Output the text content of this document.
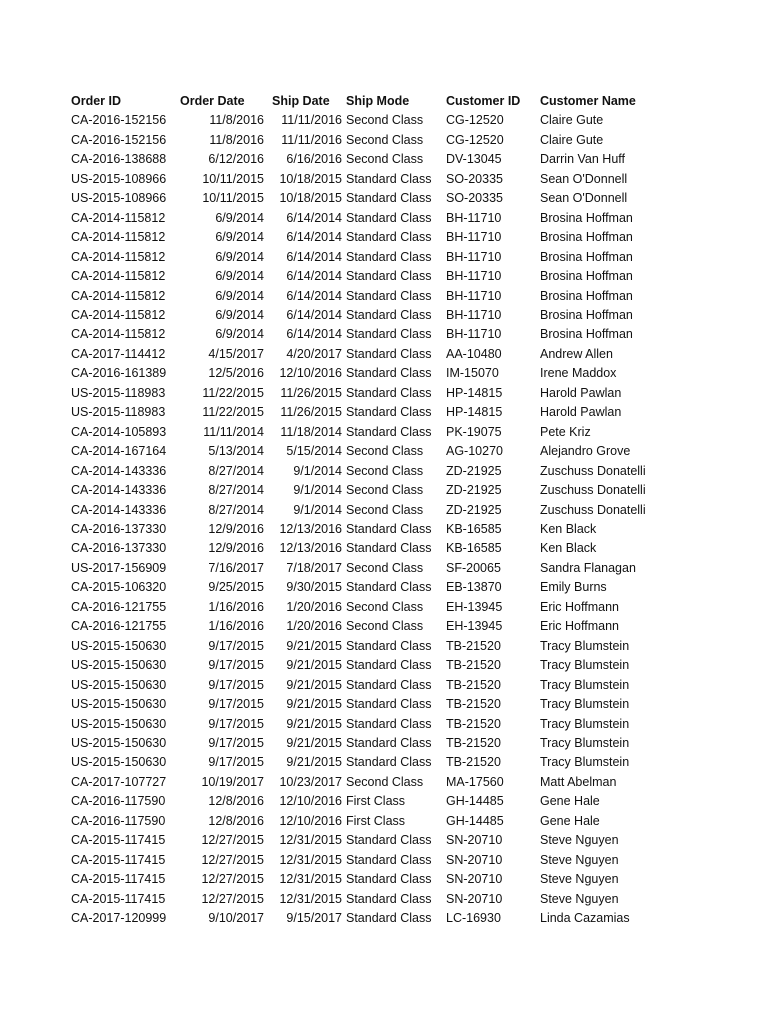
Order ID	Order Date	Ship Date	Ship Mode	Customer ID	Customer Name
CA-2016-152156	11/8/2016	11/11/2016	Second Class	CG-12520	Claire Gute
CA-2016-152156	11/8/2016	11/11/2016	Second Class	CG-12520	Claire Gute
CA-2016-138688	6/12/2016	6/16/2016	Second Class	DV-13045	Darrin Van Huff
US-2015-108966	10/11/2015	10/18/2015	Standard Class	SO-20335	Sean O'Donnell
US-2015-108966	10/11/2015	10/18/2015	Standard Class	SO-20335	Sean O'Donnell
CA-2014-115812	6/9/2014	6/14/2014	Standard Class	BH-11710	Brosina Hoffman
CA-2014-115812	6/9/2014	6/14/2014	Standard Class	BH-11710	Brosina Hoffman
CA-2014-115812	6/9/2014	6/14/2014	Standard Class	BH-11710	Brosina Hoffman
CA-2014-115812	6/9/2014	6/14/2014	Standard Class	BH-11710	Brosina Hoffman
CA-2014-115812	6/9/2014	6/14/2014	Standard Class	BH-11710	Brosina Hoffman
CA-2014-115812	6/9/2014	6/14/2014	Standard Class	BH-11710	Brosina Hoffman
CA-2014-115812	6/9/2014	6/14/2014	Standard Class	BH-11710	Brosina Hoffman
CA-2017-114412	4/15/2017	4/20/2017	Standard Class	AA-10480	Andrew Allen
CA-2016-161389	12/5/2016	12/10/2016	Standard Class	IM-15070	Irene Maddox
US-2015-118983	11/22/2015	11/26/2015	Standard Class	HP-14815	Harold Pawlan
US-2015-118983	11/22/2015	11/26/2015	Standard Class	HP-14815	Harold Pawlan
CA-2014-105893	11/11/2014	11/18/2014	Standard Class	PK-19075	Pete Kriz
CA-2014-167164	5/13/2014	5/15/2014	Second Class	AG-10270	Alejandro Grove
CA-2014-143336	8/27/2014	9/1/2014	Second Class	ZD-21925	Zuschuss Donatelli
CA-2014-143336	8/27/2014	9/1/2014	Second Class	ZD-21925	Zuschuss Donatelli
CA-2014-143336	8/27/2014	9/1/2014	Second Class	ZD-21925	Zuschuss Donatelli
CA-2016-137330	12/9/2016	12/13/2016	Standard Class	KB-16585	Ken Black
CA-2016-137330	12/9/2016	12/13/2016	Standard Class	KB-16585	Ken Black
US-2017-156909	7/16/2017	7/18/2017	Second Class	SF-20065	Sandra Flanagan
CA-2015-106320	9/25/2015	9/30/2015	Standard Class	EB-13870	Emily Burns
CA-2016-121755	1/16/2016	1/20/2016	Second Class	EH-13945	Eric Hoffmann
CA-2016-121755	1/16/2016	1/20/2016	Second Class	EH-13945	Eric Hoffmann
US-2015-150630	9/17/2015	9/21/2015	Standard Class	TB-21520	Tracy Blumstein
US-2015-150630	9/17/2015	9/21/2015	Standard Class	TB-21520	Tracy Blumstein
US-2015-150630	9/17/2015	9/21/2015	Standard Class	TB-21520	Tracy Blumstein
US-2015-150630	9/17/2015	9/21/2015	Standard Class	TB-21520	Tracy Blumstein
US-2015-150630	9/17/2015	9/21/2015	Standard Class	TB-21520	Tracy Blumstein
US-2015-150630	9/17/2015	9/21/2015	Standard Class	TB-21520	Tracy Blumstein
US-2015-150630	9/17/2015	9/21/2015	Standard Class	TB-21520	Tracy Blumstein
CA-2017-107727	10/19/2017	10/23/2017	Second Class	MA-17560	Matt Abelman
CA-2016-117590	12/8/2016	12/10/2016	First Class	GH-14485	Gene Hale
CA-2016-117590	12/8/2016	12/10/2016	First Class	GH-14485	Gene Hale
CA-2015-117415	12/27/2015	12/31/2015	Standard Class	SN-20710	Steve Nguyen
CA-2015-117415	12/27/2015	12/31/2015	Standard Class	SN-20710	Steve Nguyen
CA-2015-117415	12/27/2015	12/31/2015	Standard Class	SN-20710	Steve Nguyen
CA-2015-117415	12/27/2015	12/31/2015	Standard Class	SN-20710	Steve Nguyen
CA-2017-120999	9/10/2017	9/15/2017	Standard Class	LC-16930	Linda Cazamias
